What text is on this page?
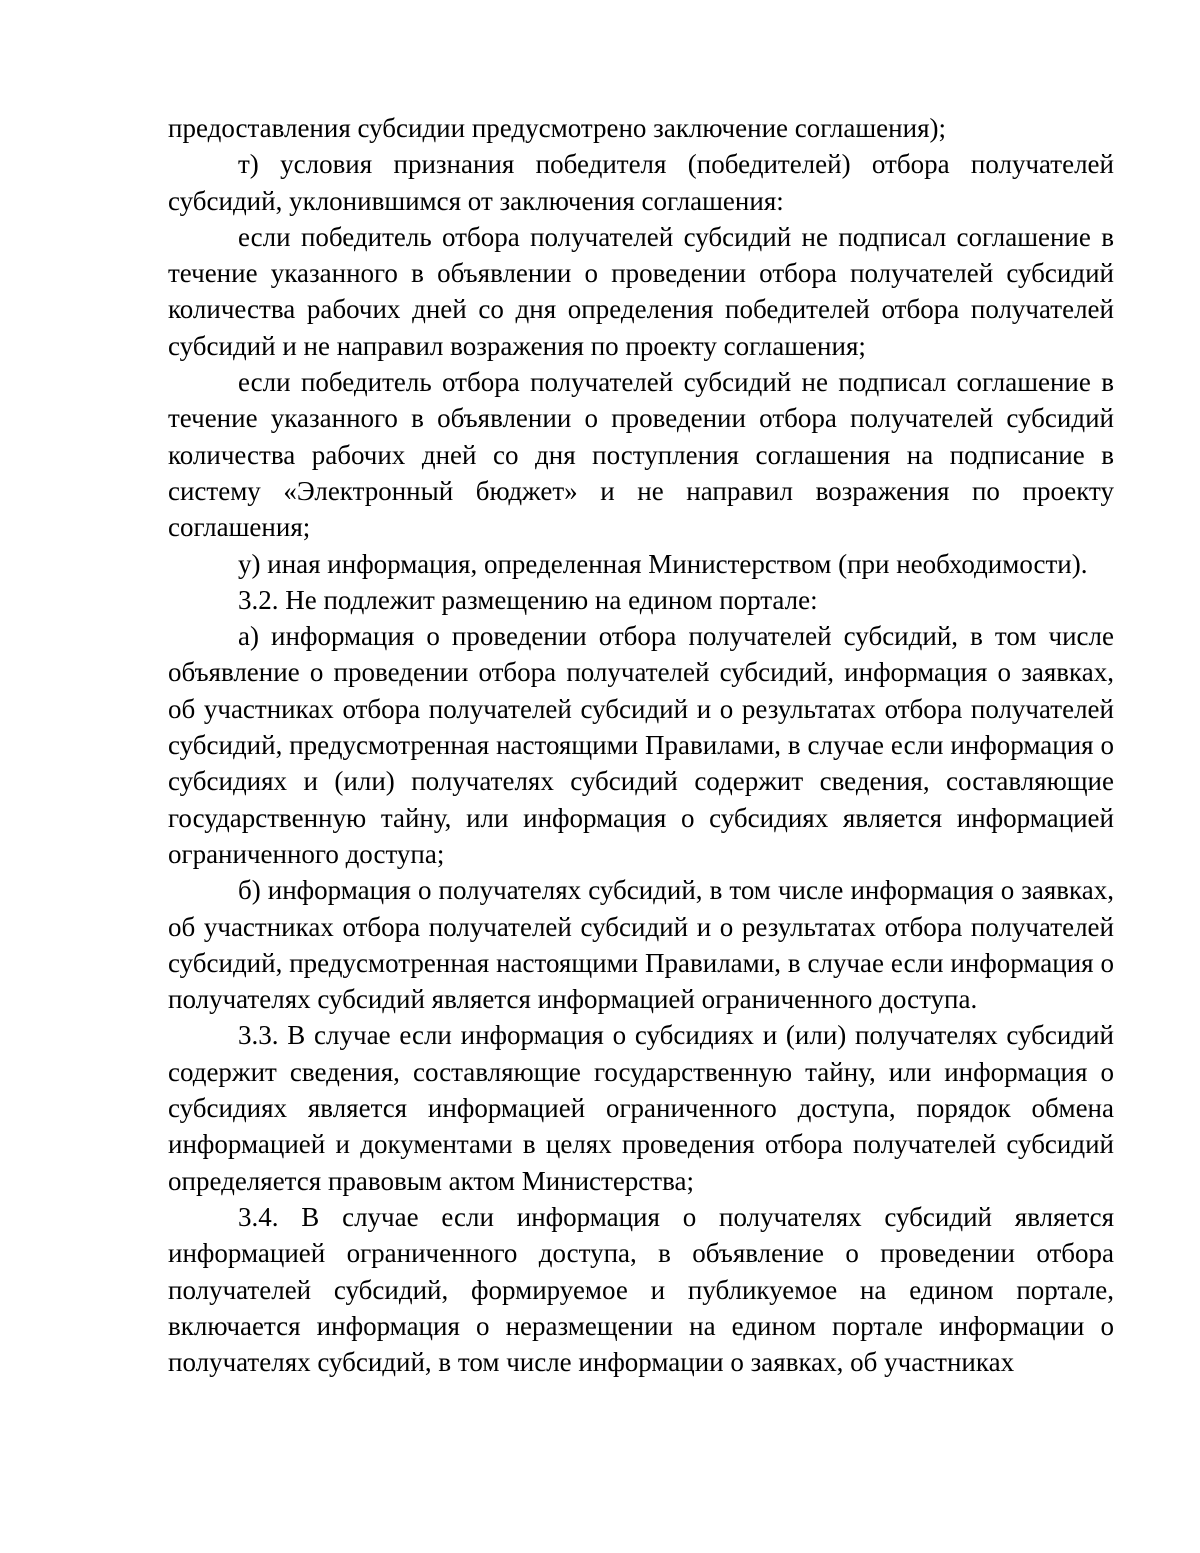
предоставления субсидии предусмотрено заключение соглашения);

т) условия признания победителя (победителей) отбора получателей субсидий, уклонившимся от заключения соглашения:

если победитель отбора получателей субсидий не подписал соглашение в течение указанного в объявлении о проведении отбора получателей субсидий количества рабочих дней со дня определения победителей отбора получателей субсидий и не направил возражения по проекту соглашения;

если победитель отбора получателей субсидий не подписал соглашение в течение указанного в объявлении о проведении отбора получателей субсидий количества рабочих дней со дня поступления соглашения на подписание в систему «Электронный бюджет» и не направил возражения по проекту соглашения;

у) иная информация, определенная Министерством (при необходимости).

3.2. Не подлежит размещению на едином портале:

а) информация о проведении отбора получателей субсидий, в том числе объявление о проведении отбора получателей субсидий, информация о заявках, об участниках отбора получателей субсидий и о результатах отбора получателей субсидий, предусмотренная настоящими Правилами, в случае если информация о субсидиях и (или) получателях субсидий содержит сведения, составляющие государственную тайну, или информация о субсидиях является информацией ограниченного доступа;

б) информация о получателях субсидий, в том числе информация о заявках, об участниках отбора получателей субсидий и о результатах отбора получателей субсидий, предусмотренная настоящими Правилами, в случае если информация о получателях субсидий является информацией ограниченного доступа.

3.3. В случае если информация о субсидиях и (или) получателях субсидий содержит сведения, составляющие государственную тайну, или информация о субсидиях является информацией ограниченного доступа, порядок обмена информацией и документами в целях проведения отбора получателей субсидий определяется правовым актом Министерства;

3.4. В случае если информация о получателях субсидий является информацией ограниченного доступа, в объявление о проведении отбора получателей субсидий, формируемое и публикуемое на едином портале, включается информация о неразмещении на едином портале информации о получателях субсидий, в том числе информации о заявках, об участниках
